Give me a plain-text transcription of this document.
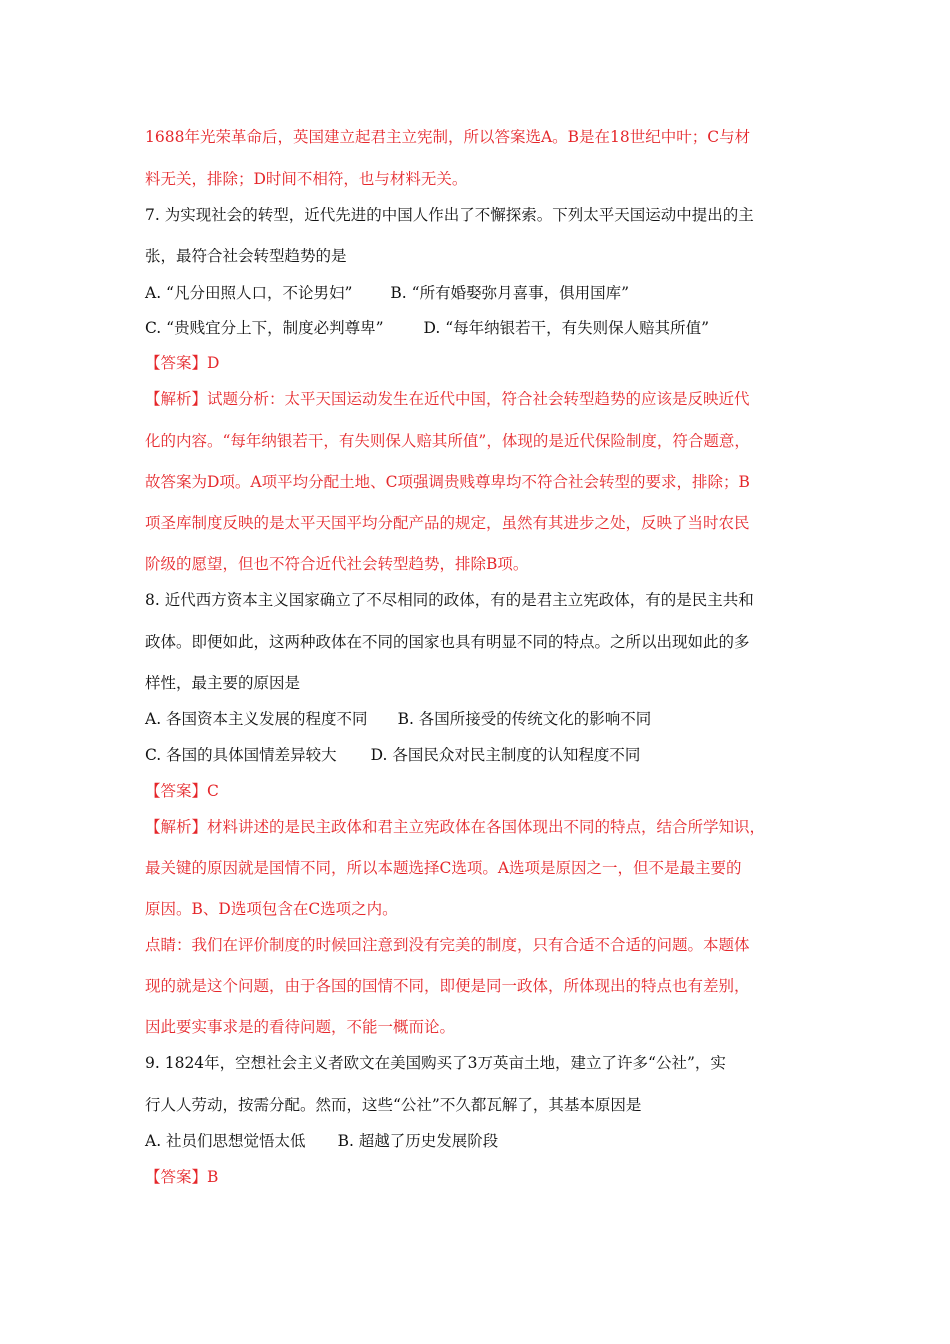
1688年光荣革命后，英国建立起君主立宪制，所以答案选A。B是在18世纪中叶；C与材
料无关，排除；D时间不相符，也与材料无关。
7. 为实现社会的转型，近代先进的中国人作出了不懈探索。下列太平天国运动中提出的主
张，最符合社会转型趋势的是
A. “凡分田照人口，不论男妇” B. “所有婚娶弥月喜事，俱用国库”
C. “贵贱宜分上下，制度必判尊卑”	D. “每年纳银若干，有失则保人赔其所值”
【答案】D
【解析】试题分析：太平天国运动发生在近代中国，符合社会转型趋势的应该是反映近代
化的内容。“每年纳银若干，有失则保人赔其所值”，体现的是近代保险制度，符合题意，
故答案为D项。A项平均分配土地、C项强调贵贱尊卑均不符合社会转型的要求，排除；B
项圣库制度反映的是太平天国平均分配产品的规定，虽然有其进步之处，反映了当时农民
阶级的愿望，但也不符合近代社会转型趋势，排除B项。
8. 近代西方资本主义国家确立了不尽相同的政体，有的是君主立宪政体，有的是民主共和
政体。即便如此，这两种政体在不同的国家也具有明显不同的特点。之所以出现如此的多
样性，最主要的原因是
A. 各国资本主义发展的程度不同 B. 各国所接受的传统文化的影响不同
C. 各国的具体国情差异较大 D. 各国民众对民主制度的认知程度不同
【答案】C
【解析】材料讲述的是民主政体和君主立宪政体在各国体现出不同的特点，结合所学知识，
最关键的原因就是国情不同，所以本题选择C选项。A选项是原因之一，但不是最主要的
原因。B、D选项包含在C选项之内。
点睛：我们在评价制度的时候回注意到没有完美的制度，只有合适不合适的问题。本题体
现的就是这个问题，由于各国的国情不同，即便是同一政体，所体现出的特点也有差别，
因此要实事求是的看待问题，不能一概而论。
9. 1824年，空想社会主义者欧文在美国购买了3万英亩土地，建立了许多“公社”，实
行人人劳动，按需分配。然而，这些“公社”不久都瓦解了，其基本原因是
A. 社员们思想觉悟太低 B. 超越了历史发展阶段
【答案】B
